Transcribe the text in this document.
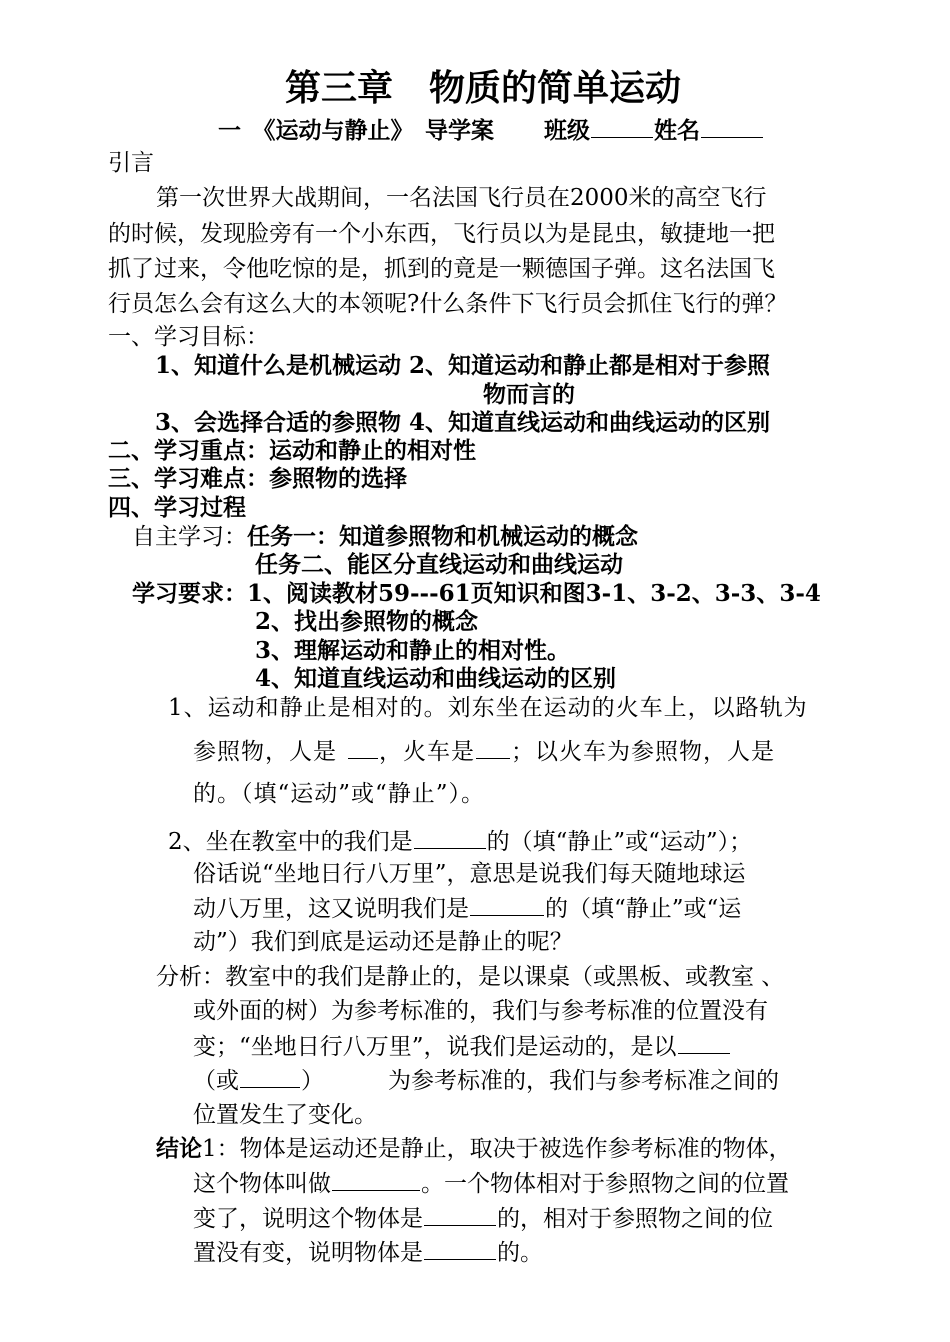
第三章　物质的简单运动
一　《运动与静止》　导学案 班级	姓名
引言
第一次世界大战期间，一名法国飞行员在2000米的高空飞行
的时候，发现脸旁有一个小东西，飞行员以为是昆虫，敏捷地一把
抓了过来，令他吃惊的是，抓到的竟是一颗德国子弹。这名法国飞
行员怎么会有这么大的本领呢?什么条件下飞行员会抓住飞行的弹？
一、学习目标：
1、知道什么是机械运动 2、知道运动和静止都是相对于参照
物而言的
3、会选择合适的参照物 4、知道直线运动和曲线运动的区别
二、学习重点：运动和静止的相对性
三、学习难点：参照物的选择
四、学习过程
自主学习：任务一：知道参照物和机械运动的概念
任务二、能区分直线运动和曲线运动
学习要求：1、阅读教材59---61页知识和图3-1、3-2、3-3、3-4
2、找出参照物的概念
3、理解运动和静止的相对性。
4、知道直线运动和曲线运动的区别
1、运动和静止是相对的。刘东坐在运动的火车上，以路轨为
参照物，人是 ，火车是 ；以火车为参照物，人是
的。（填“运动”或“静止”）。
2、坐在教室中的我们是	的（填“静止”或“运动”）；
俗话说“坐地日行八万里”，意思是说我们每天随地球运
动八万里，这又说明我们是	的（填“静止”或“运
动”）我们到底是运动还是静止的呢？
分析：教室中的我们是静止的，是以课桌（或黑板、或教室 、
或外面的树）为参考标准的，我们与参考标准的位置没有
变；“坐地日行八万里”，说我们是运动的，是以
（或	）	为参考标准的，我们与参考标准之间的
位置发生了变化。
结论1：物体是运动还是静止，取决于被选作参考标准的物体，
这个物体叫做	。一个物体相对于参照物之间的位置
变了，说明这个物体是	的，相对于参照物之间的位
置没有变，说明物体是	的。
